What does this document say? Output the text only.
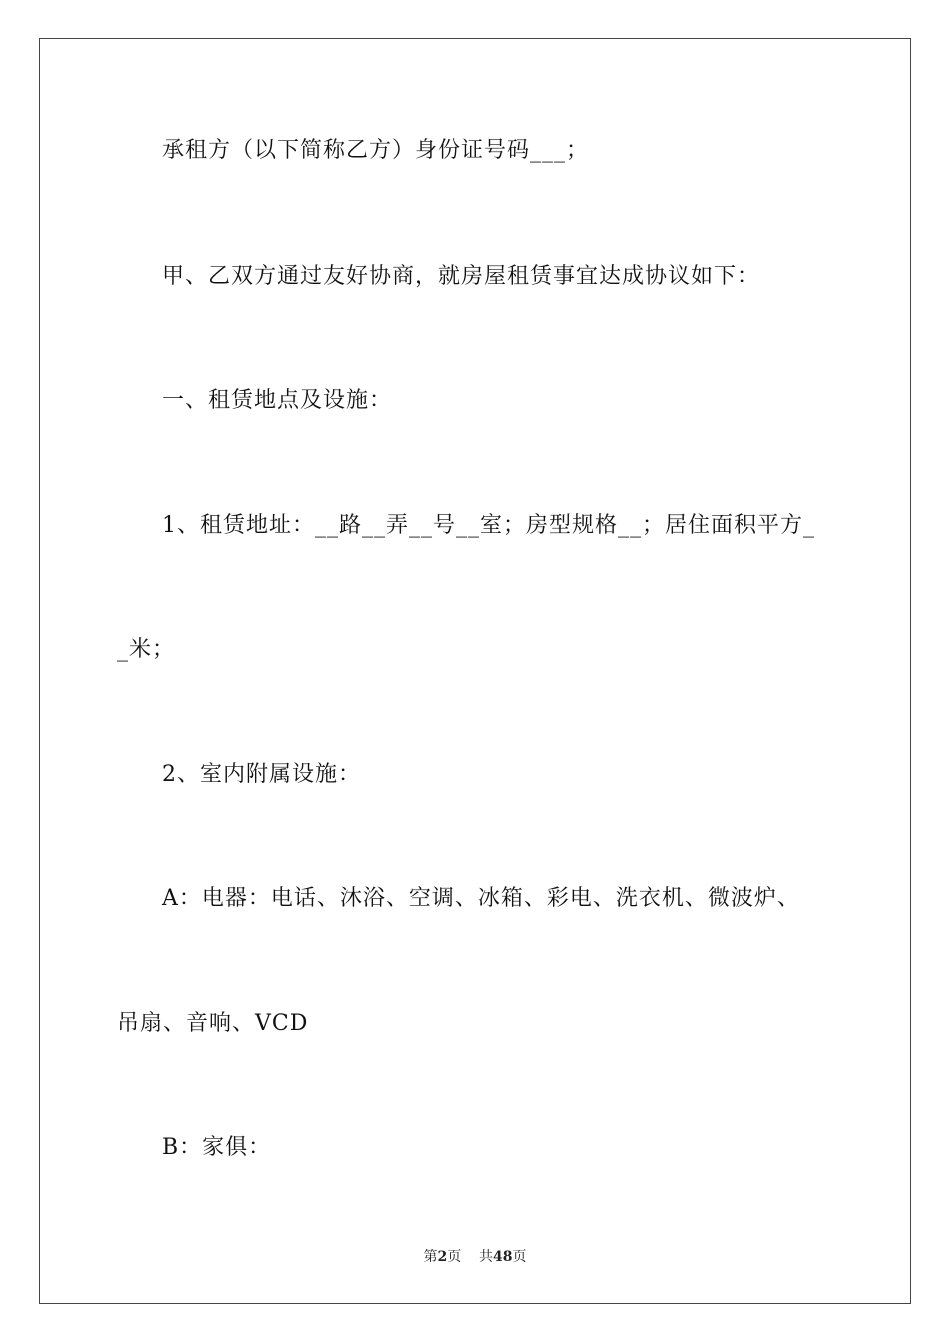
承租方（以下简称乙方）身份证号码___；
甲、乙双方通过友好协商，就房屋租赁事宜达成协议如下：
一、租赁地点及设施：
1、租赁地址：__路__弄__号__室；房型规格__；居住面积平方_
_米；
2、室内附属设施：
A：电器：电话、沐浴、空调、冰箱、彩电、洗衣机、微波炉、
吊扇、音响、VCD
B：家俱：
第2页 共48页
